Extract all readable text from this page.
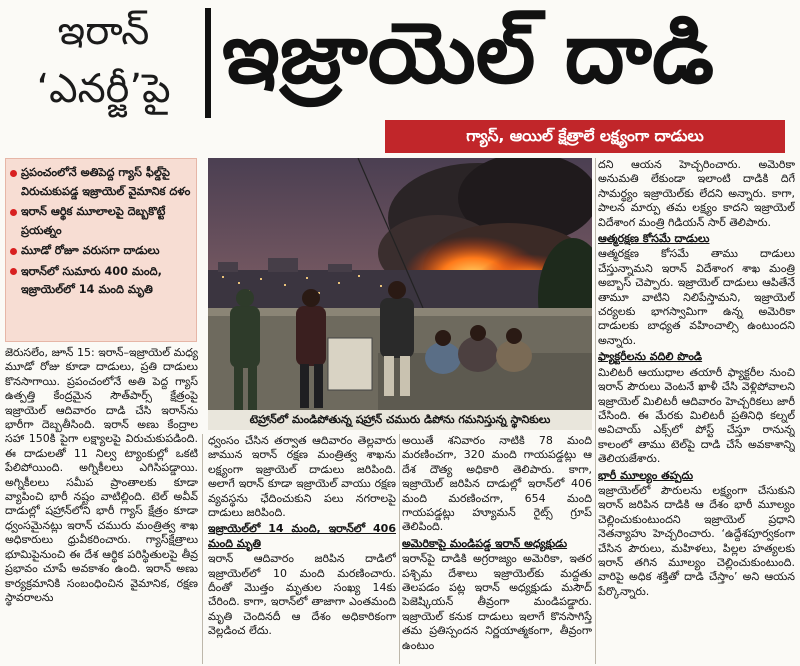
ఇరాన్
‘ఎనర్జీ’పై ఇజ్రాయెల్ దాడి
గ్యాస్, ఆయిల్ క్షేత్రాలే లక్ష్యంగా దాడులు
ప్రపంచంలోనే అతిపెద్ద గ్యాస్ ఫీల్డ్‌పై విరుచుకుపడ్డ ఇజ్రాయెల్ వైమానిక దళం
ఇరాన్ ఆర్థిక మూలాలపై దెబ్బకొట్టే ప్రయత్నం
మూడో రోజూ వరుసగా దాడులు
ఇరాన్‌లో సుమారు 400 మంది, ఇజ్రాయెల్‌లో 14 మంది మృతి
టెహ్రాన్‌లో మండిపోతున్న షహ్రాన్ చమురు డిపోను గమనిస్తున్న స్థానికులు

జెరుసలేం, జూన్ 15: ఇరాన్–ఇజ్రాయెల్ మధ్య మూడో రోజు కూడా దాడులు, ప్రతి దాడులు కొనసాగాయి. ప్రపంచంలోనే అతి పెద్ద గ్యాస్ ఉత్పత్తి కేంద్రమైన సౌత్‌పార్స్ క్షేత్రంపై ఇజ్రాయెల్ ఆదివారం దాడి చేసి ఇరాన్‌ను భారీగా దెబ్బతీసింది. ఇరాన్ అణు కేంద్రాల సహా 150కి పైగా లక్ష్యాలపై విరుచుకుపడింది. ఈ దాడులతో 11 నిల్వ ట్యాంకుల్లో ఒకటి పేలిపోయింది. అగ్నికీలలు ఎగిసిపడ్డాయి. అగ్నికీలలు సమీప ప్రాంతాలకు కూడా వ్యాపించి భారీ నష్టం వాటిల్లింది. టెల్ అవీవ్ దాడుల్లో షహ్రాన్‌లోని భారీ గ్యాస్ క్షేత్రం కూడా ధ్వంసమైనట్లు ఇరాన్ చమురు మంత్రిత్వ శాఖ అధికారులు ధ్రువీకరించారు. గ్యాస్‌క్షేత్రాలు భూమిపైనుంచి ఈ దేశ ఆర్థిక పరిస్థితులపై తీవ్ర ప్రభావం చూపే అవకాశం ఉంది. ఇరాన్ అణు కార్యక్రమానికి సంబంధించిన వైమానిక, రక్షణ స్థావరాలను

ధ్వంసం చేసిన తర్వాత ఆదివారం తెల్లవారు జామున ఇరాన్ రక్షణ మంత్రిత్వ శాఖను లక్ష్యంగా ఇజ్రాయెల్ దాడులు జరిపింది. అలాగే ఇరాన్ కూడా ఇజ్రాయెల్ వాయు రక్షణ వ్యవస్థను ఛేదించుకుని పలు నగరాలపై దాడులు జరిపింది.

ఇజ్రాయెల్‌లో 14 మంది, ఇరాన్‌లో 406 మంది మృతి

ఇరాన్ ఆదివారం జరిపిన దాడిలో ఇజ్రాయెల్‌లో 10 మంది మరణించారు. దీంతో మొత్తం మృతుల సంఖ్య 14కు చేరింది. కాగా, ఇరాన్‌లో తాజాగా ఎంతమంది మృతి చెందినదీ ఆ దేశం అధికారికంగా వెల్లడించ లేదు.

అయితే శనివారం నాటికి 78 మంది మరణించగా, 320 మంది గాయపడ్డట్లు ఆ దేశ దౌత్య అధికారి తెలిపారు. కాగా, ఇజ్రాయెల్ జరిపిన దాడుల్లో ఇరాన్‌లో 406 మంది మరణించగా, 654 మంది గాయపడ్డట్లు హ్యూమన్ రైట్స్ గ్రూప్ తెలిపింది.

అమెరికాపై మండిపడ్డ ఇరాన్ అధ్యక్షుడు

ఇరాన్‌పై దాడికి అగ్రరాజ్యం అమెరికా, ఇతర పశ్చిమ దేశాలు ఇజ్రాయెల్‌కు మద్దతు తెలపడం పట్ల ఇరాన్ అధ్యక్షుడు మసౌద్ పెజెష్కియన్ తీవ్రంగా మండిపడ్డారు. ఇజ్రాయెల్ కనుక దాడులు ఇలాగే కొనసాగిస్తే తమ ప్రతిస్పందన నిర్ణయాత్మకంగా, తీవ్రంగా ఉంటుం

దని ఆయన హెచ్చరించారు. అమెరికా అనుమతి లేకుండా ఇలాంటి దాడికి దిగే సామర్థ్యం ఇజ్రాయెల్‌కు లేదని అన్నారు. కాగా, పాలన మార్పు తమ లక్ష్యం కాదని ఇజ్రాయెల్ విదేశాంగ మంత్రి గిడియన్ సార్ తెలిపారు.

ఆత్మరక్షణ కోసమే దాడులు

ఆత్మరక్షణ కోసమే తాము దాడులు చేస్తున్నామని ఇరాన్ విదేశాంగ శాఖ మంత్రి అబ్బాస్ చెప్పారు. ఇజ్రాయెల్ దాడులు ఆపితేనే తామూ వాటిని నిలిపేస్తామని, ఇజ్రాయెల్ చర్యలకు భాగస్వామిగా ఉన్న అమెరికా దాడులకు బాధ్యత వహించాల్సి ఉంటుందని అన్నారు.

ఫ్యాక్టరీలను వదిలి పొండి

మిలిటరీ ఆయుధాల తయారీ ఫ్యాక్టరీల నుంచి ఇరాన్ పౌరులు వెంటనే ఖాళీ చేసి వెళ్లిపోవాలని ఇజ్రాయెల్ మిలిటరీ ఆదివారం హెచ్చరికలు జారీ చేసింది. ఈ మేరకు మిలిటరీ ప్రతినిధి కల్నల్ అవిచాయ్ ఎక్స్‌లో పోస్ట్ చేస్తూ రానున్న కాలంలో తాము టెల్‌పై దాడి చేసే అవకాశాన్ని తెలియజేశారు.

భారీ మూల్యం తప్పదు

ఇజ్రాయెల్‌లో పౌరులను లక్ష్యంగా చేసుకుని ఇరాన్ జరిపిన దాడికి ఆ దేశం భారీ మూల్యం చెల్లించుకుంటుందని ఇజ్రాయెల్ ప్రధాని నెతన్యాహు హెచ్చరించారు. ‘ఉద్దేశపూర్వకంగా చేసిన పౌరులు, మహిళలు, పిల్లల హత్యలకు ఇరాన్ తగిన మూల్యం చెల్లించుకుంటుంది. వారిపై అధిక శక్తితో దాడి చేస్తాం’ అని ఆయన పేర్కొన్నారు.
